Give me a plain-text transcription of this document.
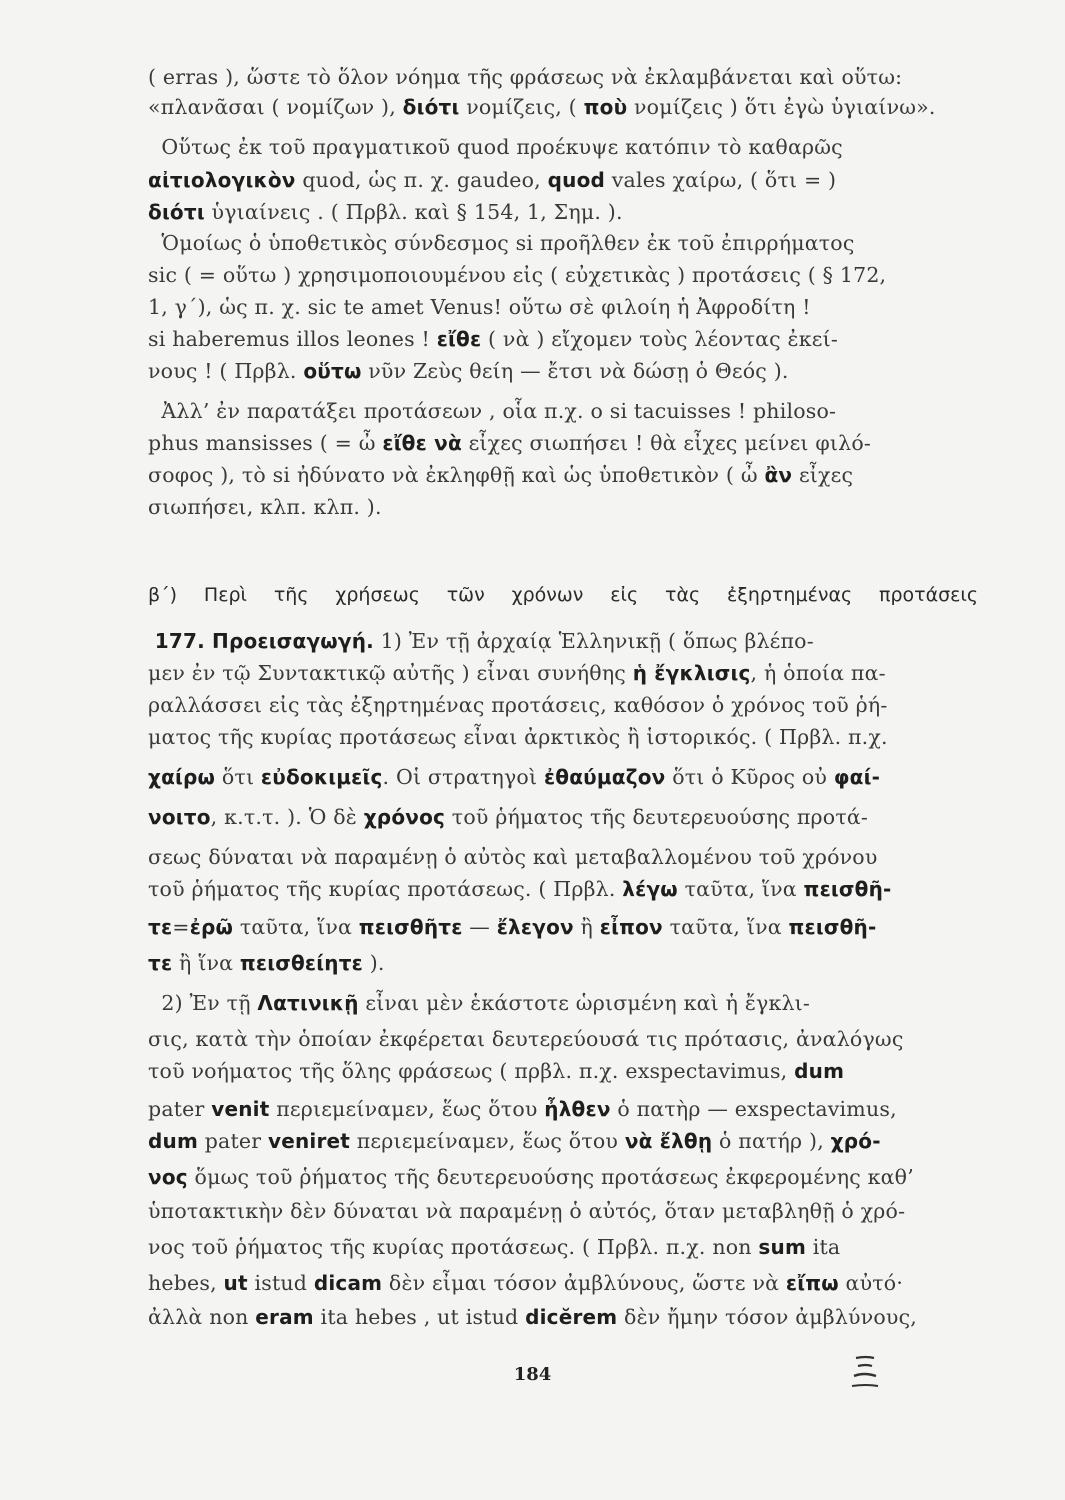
( erras ), ὥστε τὸ ὅλον νόημα τῆς φράσεως νὰ ἐκλαμβάνεται καὶ οὕτω:
«πλανᾶσαι ( νομίζων ), διότι νομίζεις, ( ποὺ νομίζεις ) ὅτι ἐγὼ ὑγιαίνω».
Οὕτως ἐκ τοῦ πραγματικοῦ quod προέκυψε κατόπιν τὸ καθαρῶς
αἰτιολογικὸν quod, ὡς π. χ. gaudeo, quod vales χαίρω, ( ὅτι = )
διότι ὑγιαίνεις . ( Πρβλ. καὶ § 154, 1, Σημ. ).
Ὁμοίως ὁ ὑποθετικὸς σύνδεσμος si προῆλθεν ἐκ τοῦ ἐπιρρήματος
sic ( = οὕτω ) χρησιμοποιουμένου εἰς ( εὐχετικὰς ) προτάσεις ( § 172,
1, γ΄), ὡς π. χ. sic te amet Venus! οὕτω σὲ φιλοίη ἡ Ἀφροδίτη !
si haberemus illos leones ! εἴθε ( νὰ ) εἴχομεν τοὺς λέοντας ἐκεί-
νους ! ( Πρβλ. οὕτω νῦν Ζεὺς θείη — ἔτσι νὰ δώσῃ ὁ Θεός ).
Ἀλλ’ ἐν παρατάξει προτάσεων , οἷα π.χ. o si tacuisses ! philoso-
phus mansisses ( = ὦ εἴθε νὰ εἶχες σιωπήσει ! θὰ εἶχες μείνει φιλό-
σοφος ), τὸ si ἠδύνατο νὰ ἐκληφθῇ καὶ ὡς ὑποθετικὸν ( ὦ ἂν εἶχες
σιωπήσει, κλπ. κλπ. ).
177. Προεισαγωγή. 1) Ἐν τῇ ἀρχαίᾳ Ἑλληνικῇ ( ὅπως βλέπο-
μεν ἐν τῷ Συντακτικῷ αὐτῆς ) εἶναι συνήθης ἡ ἔγκλισις, ἡ ὁποία πα-
ραλλάσσει εἰς τὰς ἐξηρτημένας προτάσεις, καθόσον ὁ χρόνος τοῦ ῥή-
ματος τῆς κυρίας προτάσεως εἶναι ἀρκτικὸς ἢ ἱστορικός. ( Πρβλ. π.χ.
χαίρω ὅτι εὐδοκιμεῖς. Οἱ στρατηγοὶ ἐθαύμαζον ὅτι ὁ Κῦρος οὐ φαί-
νοιτο, κ.τ.τ. ). Ὁ δὲ χρόνος τοῦ ῥήματος τῆς δευτερευούσης προτά-
σεως δύναται νὰ παραμένῃ ὁ αὐτὸς καὶ μεταβαλλομένου τοῦ χρόνου
τοῦ ῥήματος τῆς κυρίας προτάσεως. ( Πρβλ. λέγω ταῦτα, ἵνα πεισθῆ-
τε=ἐρῶ ταῦτα, ἵνα πεισθῆτε — ἔλεγον ἢ εἶπον ταῦτα, ἵνα πεισθῆ-
τε ἢ ἵνα πεισθείητε ).
2) Ἐν τῇ Λατινικῇ εἶναι μὲν ἑκάστοτε ὡρισμένη καὶ ἡ ἔγκλι-
σις, κατὰ τὴν ὁποίαν ἐκφέρεται δευτερεύουσά τις πρότασις, ἀναλόγως
τοῦ νοήματος τῆς ὅλης φράσεως ( πρβλ. π.χ. exspectavimus, dum
pater venit περιεμείναμεν, ἕως ὅτου ἦλθεν ὁ πατὴρ — exspectavimus,
dum pater veniret περιεμείναμεν, ἕως ὅτου νὰ ἔλθῃ ὁ πατήρ ), χρό-
νος ὅμως τοῦ ῥήματος τῆς δευτερευούσης προτάσεως ἐκφερομένης καθ’
ὑποτακτικὴν δὲν δύναται νὰ παραμένῃ ὁ αὐτός, ὅταν μεταβληθῇ ὁ χρό-
νος τοῦ ῥήματος τῆς κυρίας προτάσεως. ( Πρβλ. π.χ. non sum ita
hebes, ut istud dicam δὲν εἶμαι τόσον ἀμβλύνους, ὥστε νὰ εἴπω αὐτό·
ἀλλὰ non eram ita hebes , ut istud dicĕrem δὲν ἤμην τόσον ἀμβλύνους,
β΄) Περὶ τῆς χρήσεως τῶν χρόνων εἰς τὰς ἐξηρτημένας προτάσεις
184
